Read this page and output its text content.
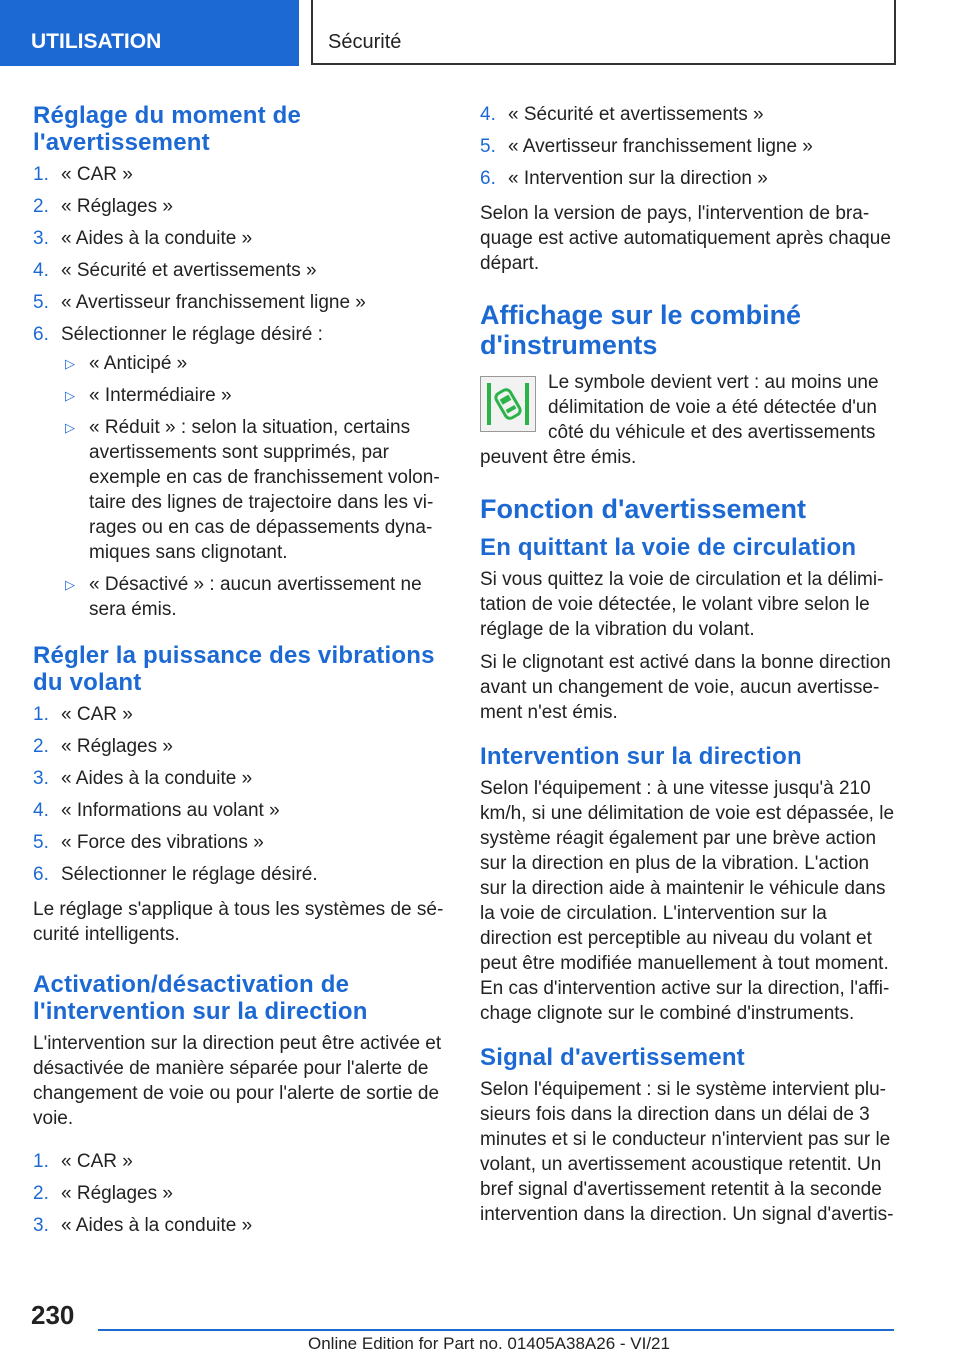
UTILISATION	Sécurité
Réglage du moment de l'avertissement
1. « CAR »
2. « Réglages »
3. « Aides à la conduite »
4. « Sécurité et avertissements »
5. « Avertisseur franchissement ligne »
6. Sélectionner le réglage désiré :
▷ « Anticipé »
▷ « Intermédiaire »
▷ « Réduit » : selon la situation, certains avertissements sont supprimés, par exemple en cas de franchissement volontaire des lignes de trajectoire dans les virages ou en cas de dépassements dynamiques sans clignotant.
▷ « Désactivé » : aucun avertissement ne sera émis.
Régler la puissance des vibrations du volant
1. « CAR »
2. « Réglages »
3. « Aides à la conduite »
4. « Informations au volant »
5. « Force des vibrations »
6. Sélectionner le réglage désiré.

Le réglage s'applique à tous les systèmes de sécurité intelligents.

Activation/désactivation de l'intervention sur la direction

L'intervention sur la direction peut être activée et désactivée de manière séparée pour l'alerte de changement de voie ou pour l'alerte de sortie de voie.

1. « CAR »
2. « Réglages »
3. « Aides à la conduite »
4. « Sécurité et avertissements »
5. « Avertisseur franchissement ligne »
6. « Intervention sur la direction »

Selon la version de pays, l'intervention de braquage est active automatiquement après chaque départ.

Affichage sur le combiné d'instruments

Le symbole devient vert : au moins une délimitation de voie a été détectée d'un côté du véhicule et des avertissements peuvent être émis.

Fonction d'avertissement
En quittant la voie de circulation

Si vous quittez la voie de circulation et la délimitation de voie détectée, le volant vibre selon le réglage de la vibration du volant.

Si le clignotant est activé dans la bonne direction avant un changement de voie, aucun avertissement n'est émis.

Intervention sur la direction

Selon l'équipement : à une vitesse jusqu'à 210 km/h, si une délimitation de voie est dépassée, le système réagit également par une brève action sur la direction en plus de la vibration. L'action sur la direction aide à maintenir le véhicule dans la voie de circulation. L'intervention sur la direction est perceptible au niveau du volant et peut être modifiée manuellement à tout moment. En cas d'intervention active sur la direction, l'affichage clignote sur le combiné d'instruments.

Signal d'avertissement

Selon l'équipement : si le système intervient plusieurs fois dans la direction dans un délai de 3 minutes et si le conducteur n'intervient pas sur le volant, un avertissement acoustique retentit. Un bref signal d'avertissement retentit à la seconde intervention dans la direction. Un signal d'avertis-

230
Online Edition for Part no. 01405A38A26 - VI/21
